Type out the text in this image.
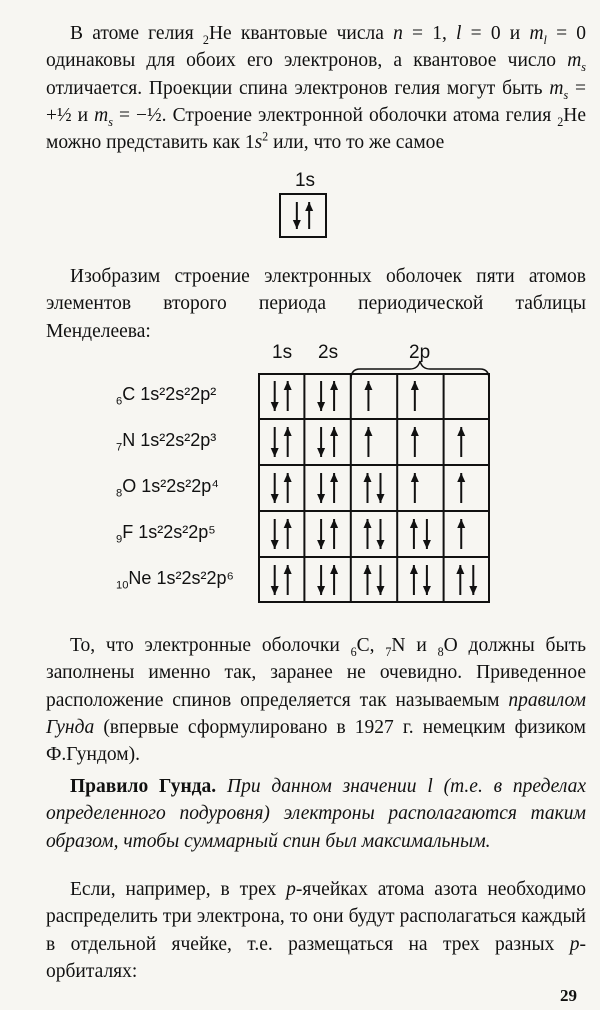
В атоме гелия $_2$He квантовые числа n = 1, l = 0 и $m_l = 0$ одинаковы для обоих его электронов, а квантовое число $m_s$ отличается. Проекции спина электронов гелия могут быть $m_s$ = +½ и $m_s$ = −½. Строение электронной оболочки атома гелия $_2$He можно представить как $1s^2$ или, что то же самое

1s

Изобразим строение электронных оболочек пяти атомов элементов второго периода периодической таблицы Менделеева:

1s 2s	2p
$_6$C 1s²2s²2p²
$_7$N 1s²2s²2p³
$_8$O 1s²2s²2p⁴
$_9$F 1s²2s²2p⁵
$_{10}$Ne 1s²2s²2p⁶

То, что электронные оболочки $_6$C, $_7$N и $_8$O должны быть заполнены именно так, заранее не очевидно. Приведенное расположение спинов определяется так называемым правилом Гунда (впервые сформулировано в 1927 г. немецким физиком Ф.Гундом).

Правило Гунда. При данном значении l (т.е. в пределах определенного подуровня) электроны располагаются таким образом, чтобы суммарный спин был максимальным.

Если, например, в трех p-ячейках атома азота необходимо распределить три электрона, то они будут располагаться каждый в отдельной ячейке, т.е. размещаться на трех разных p-орбиталях:

29
